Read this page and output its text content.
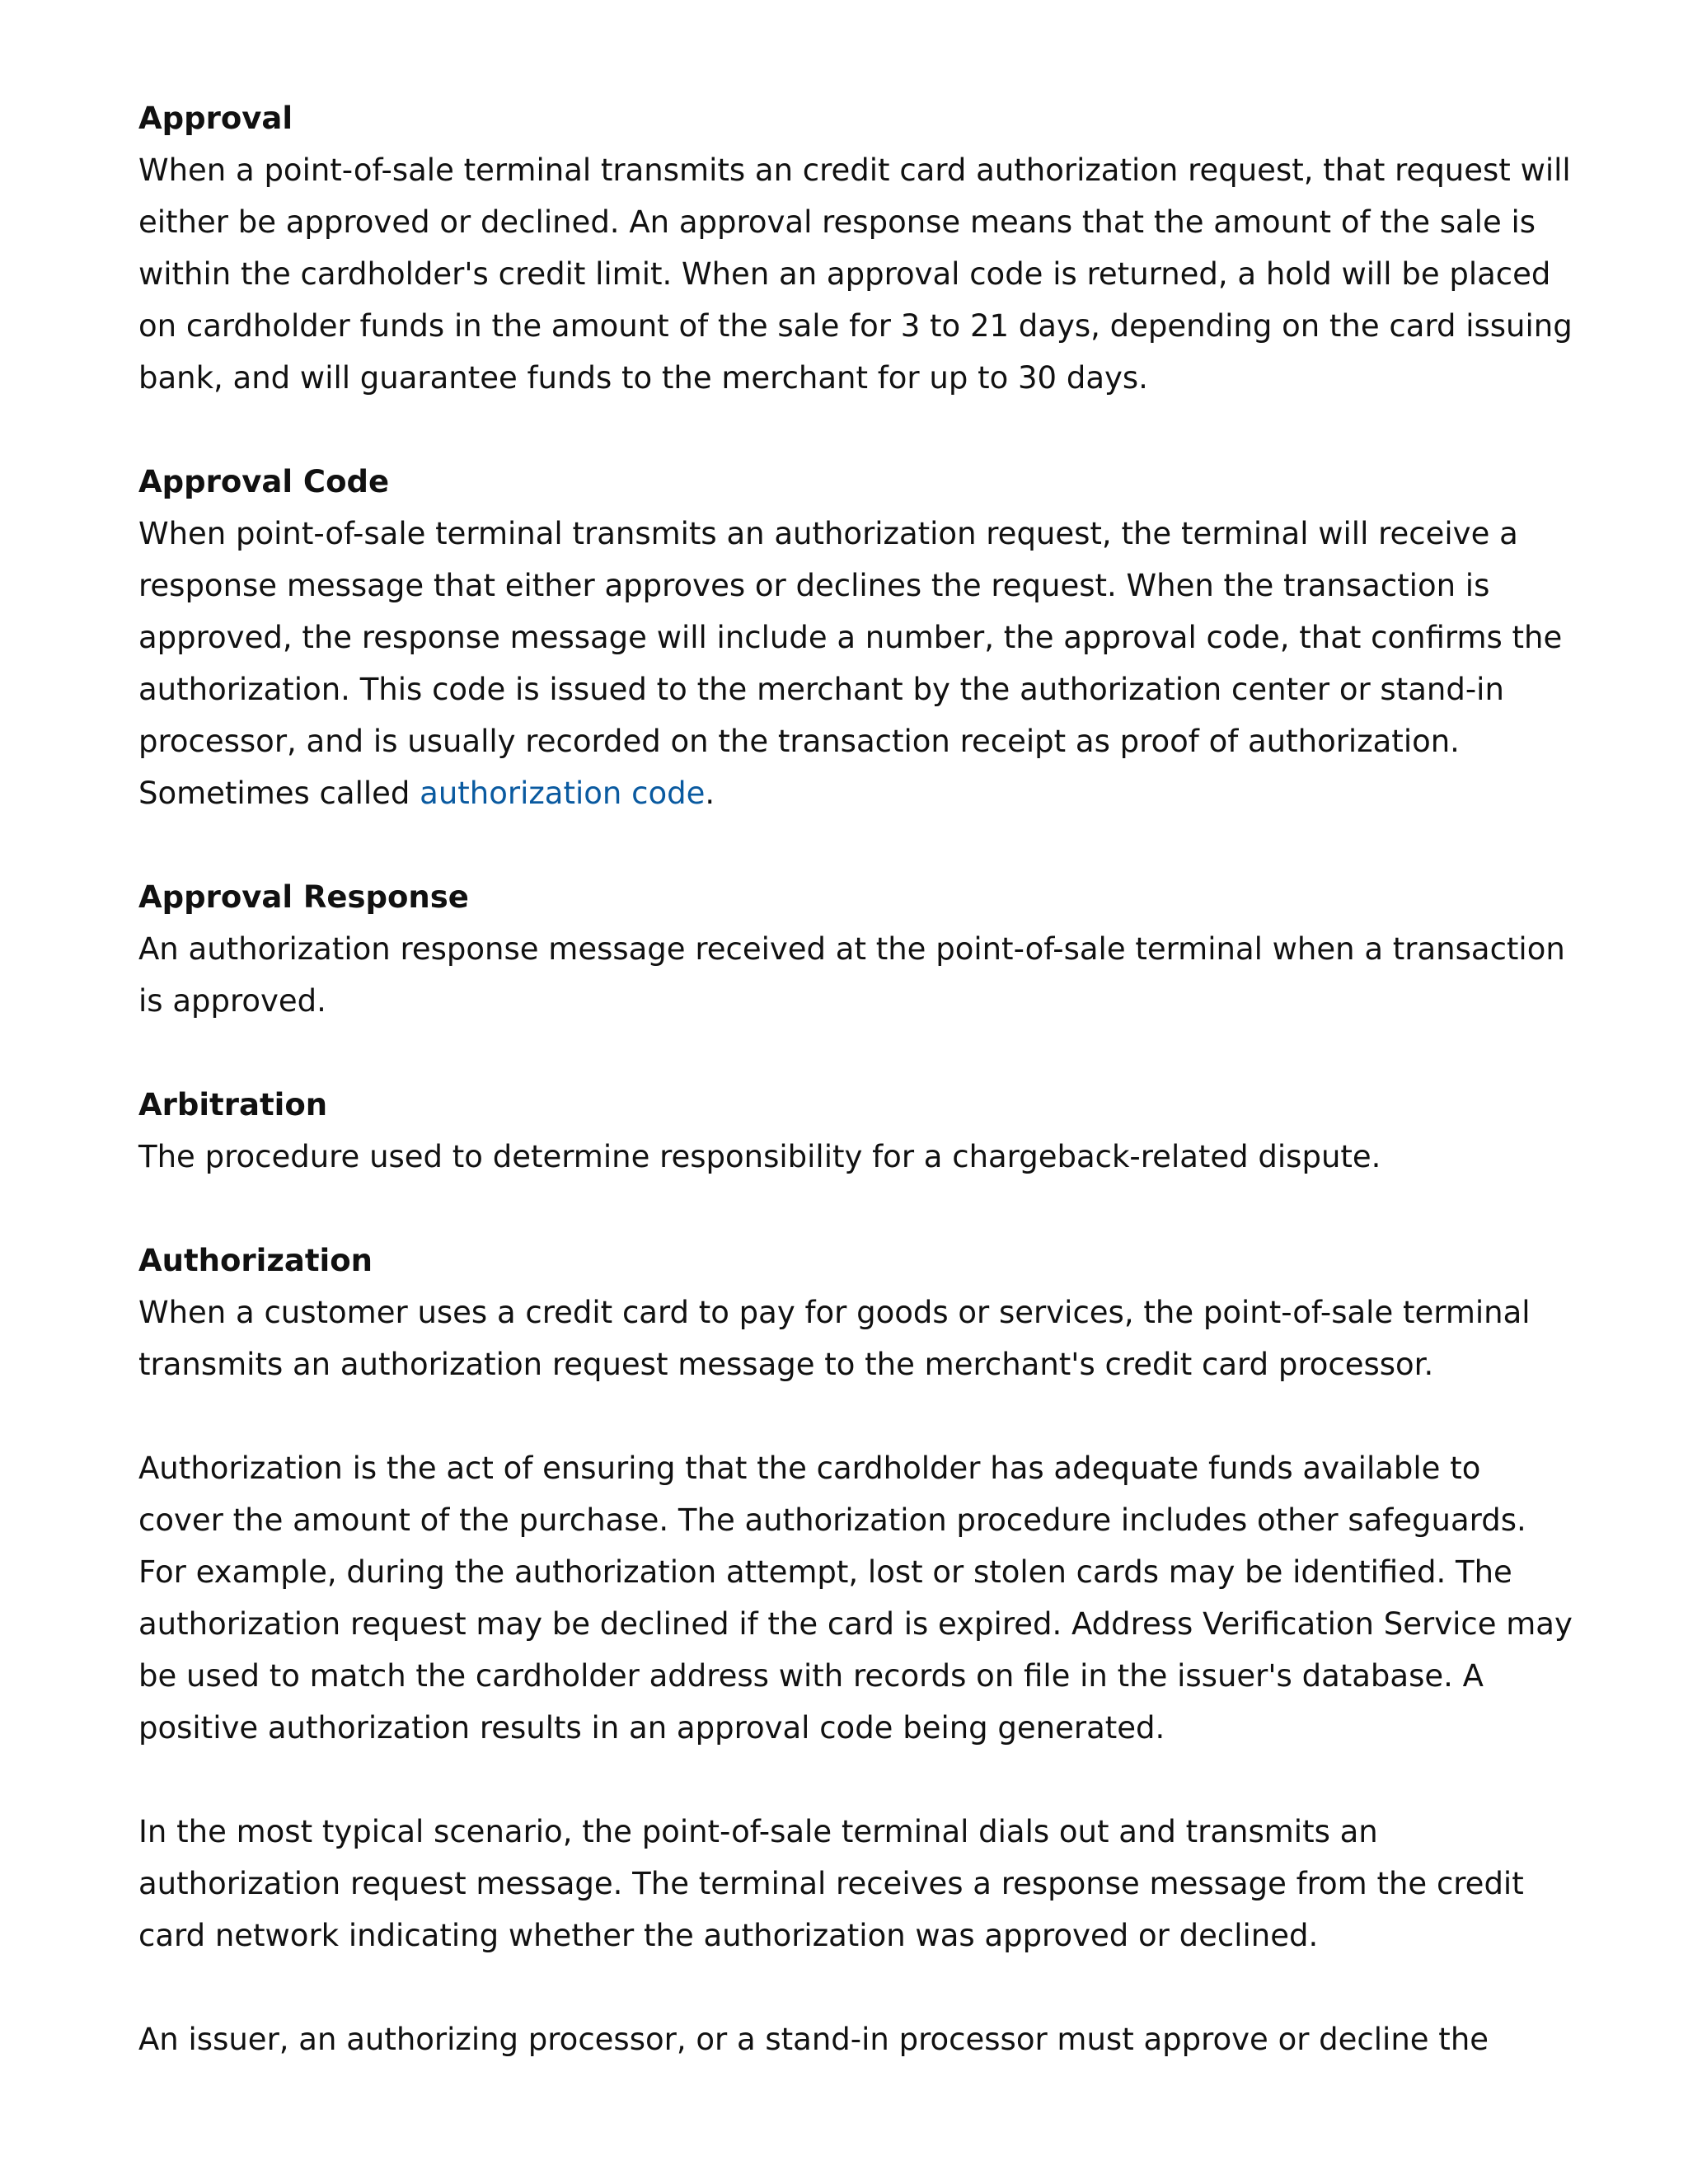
Approval

When a point-of-sale terminal transmits an credit card authorization request, that request will either be approved or declined. An approval response means that the amount of the sale is within the cardholder's credit limit. When an approval code is returned, a hold will be placed on cardholder funds in the amount of the sale for 3 to 21 days, depending on the card issuing bank, and will guarantee funds to the merchant for up to 30 days.

Approval Code

When point-of-sale terminal transmits an authorization request, the terminal will receive a response message that either approves or declines the request. When the transaction is approved, the response message will include a number, the approval code, that confirms the authorization. This code is issued to the merchant by the authorization center or stand-in processor, and is usually recorded on the transaction receipt as proof of authorization. Sometimes called authorization code.

Approval Response

An authorization response message received at the point-of-sale terminal when a transaction is approved.

Arbitration

The procedure used to determine responsibility for a chargeback-related dispute.

Authorization

When a customer uses a credit card to pay for goods or services, the point-of-sale terminal transmits an authorization request message to the merchant's credit card processor.

Authorization is the act of ensuring that the cardholder has adequate funds available to cover the amount of the purchase. The authorization procedure includes other safeguards. For example, during the authorization attempt, lost or stolen cards may be identified. The authorization request may be declined if the card is expired. Address Verification Service may be used to match the cardholder address with records on file in the issuer's database. A positive authorization results in an approval code being generated.

In the most typical scenario, the point-of-sale terminal dials out and transmits an authorization request message. The terminal receives a response message from the credit card network indicating whether the authorization was approved or declined.

An issuer, an authorizing processor, or a stand-in processor must approve or decline the
